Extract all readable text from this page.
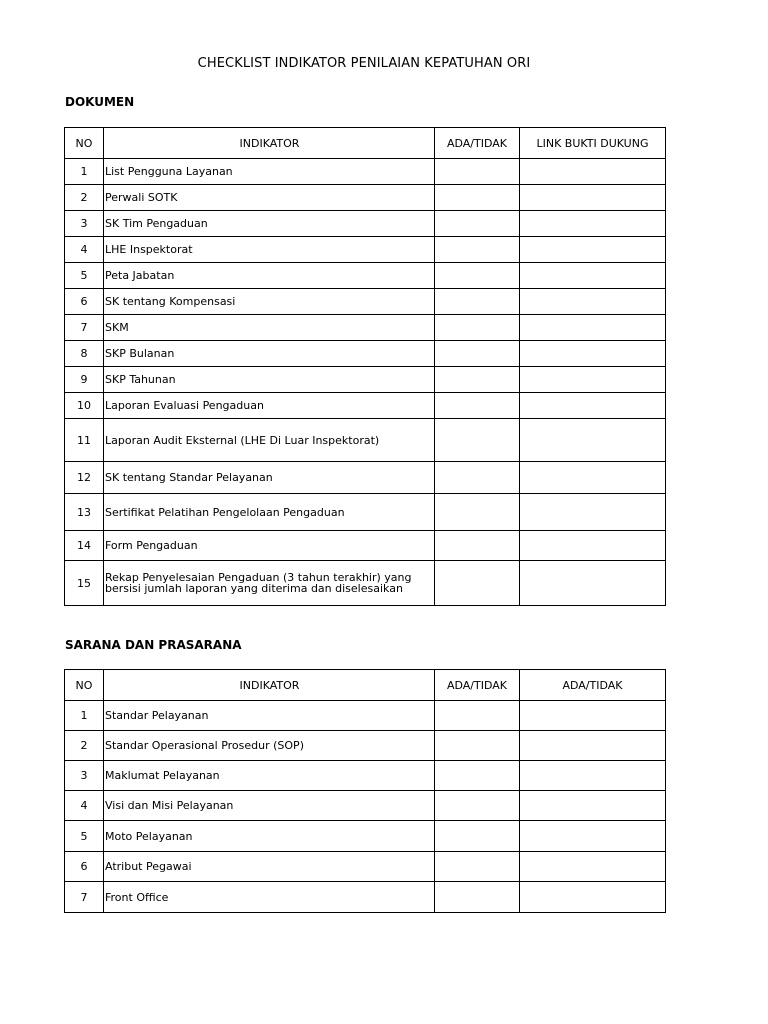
CHECKLIST INDIKATOR PENILAIAN KEPATUHAN ORI
DOKUMEN
NO	INDIKATOR	ADA/TIDAK	LINK BUKTI DUKUNG
1	List Pengguna Layanan		
2	Perwali SOTK		
3	SK Tim Pengaduan		
4	LHE Inspektorat		
5	Peta Jabatan		
6	SK tentang Kompensasi		
7	SKM		
8	SKP Bulanan		
9	SKP Tahunan		
10	Laporan Evaluasi Pengaduan		
11	Laporan Audit Eksternal (LHE Di Luar Inspektorat)		
12	SK tentang Standar Pelayanan		
13	Sertifikat Pelatihan Pengelolaan Pengaduan		
14	Form Pengaduan		
15	Rekap Penyelesaian Pengaduan (3 tahun terakhir) yang bersisi jumlah laporan yang diterima dan diselesaikan		
SARANA DAN PRASARANA
NO	INDIKATOR	ADA/TIDAK	ADA/TIDAK
1	Standar Pelayanan		
2	Standar Operasional Prosedur (SOP)		
3	Maklumat Pelayanan		
4	Visi dan Misi Pelayanan		
5	Moto Pelayanan		
6	Atribut Pegawai		
7	Front Office		
